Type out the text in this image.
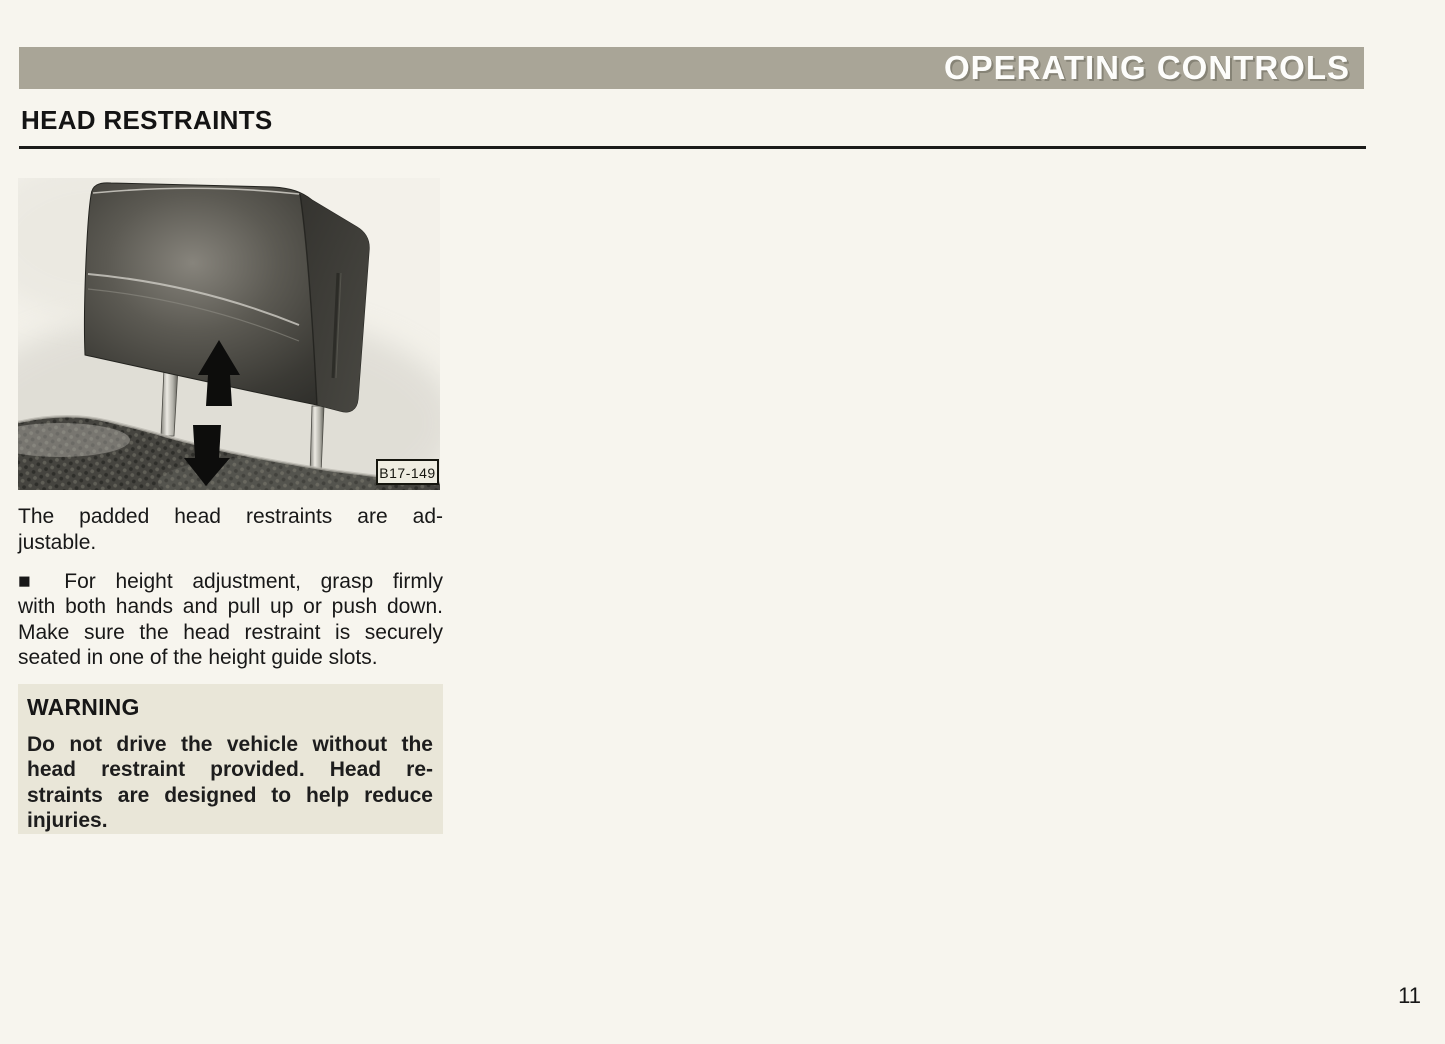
OPERATING CONTROLS
HEAD RESTRAINTS
B17-149
The padded head restraints are ad-
justable.
■ For height adjustment, grasp firmly
with both hands and pull up or push down.
Make sure the head restraint is securely
seated in one of the height guide slots.
WARNING
Do not drive the vehicle without the
head restraint provided. Head re-
straints are designed to help reduce
injuries.
11
